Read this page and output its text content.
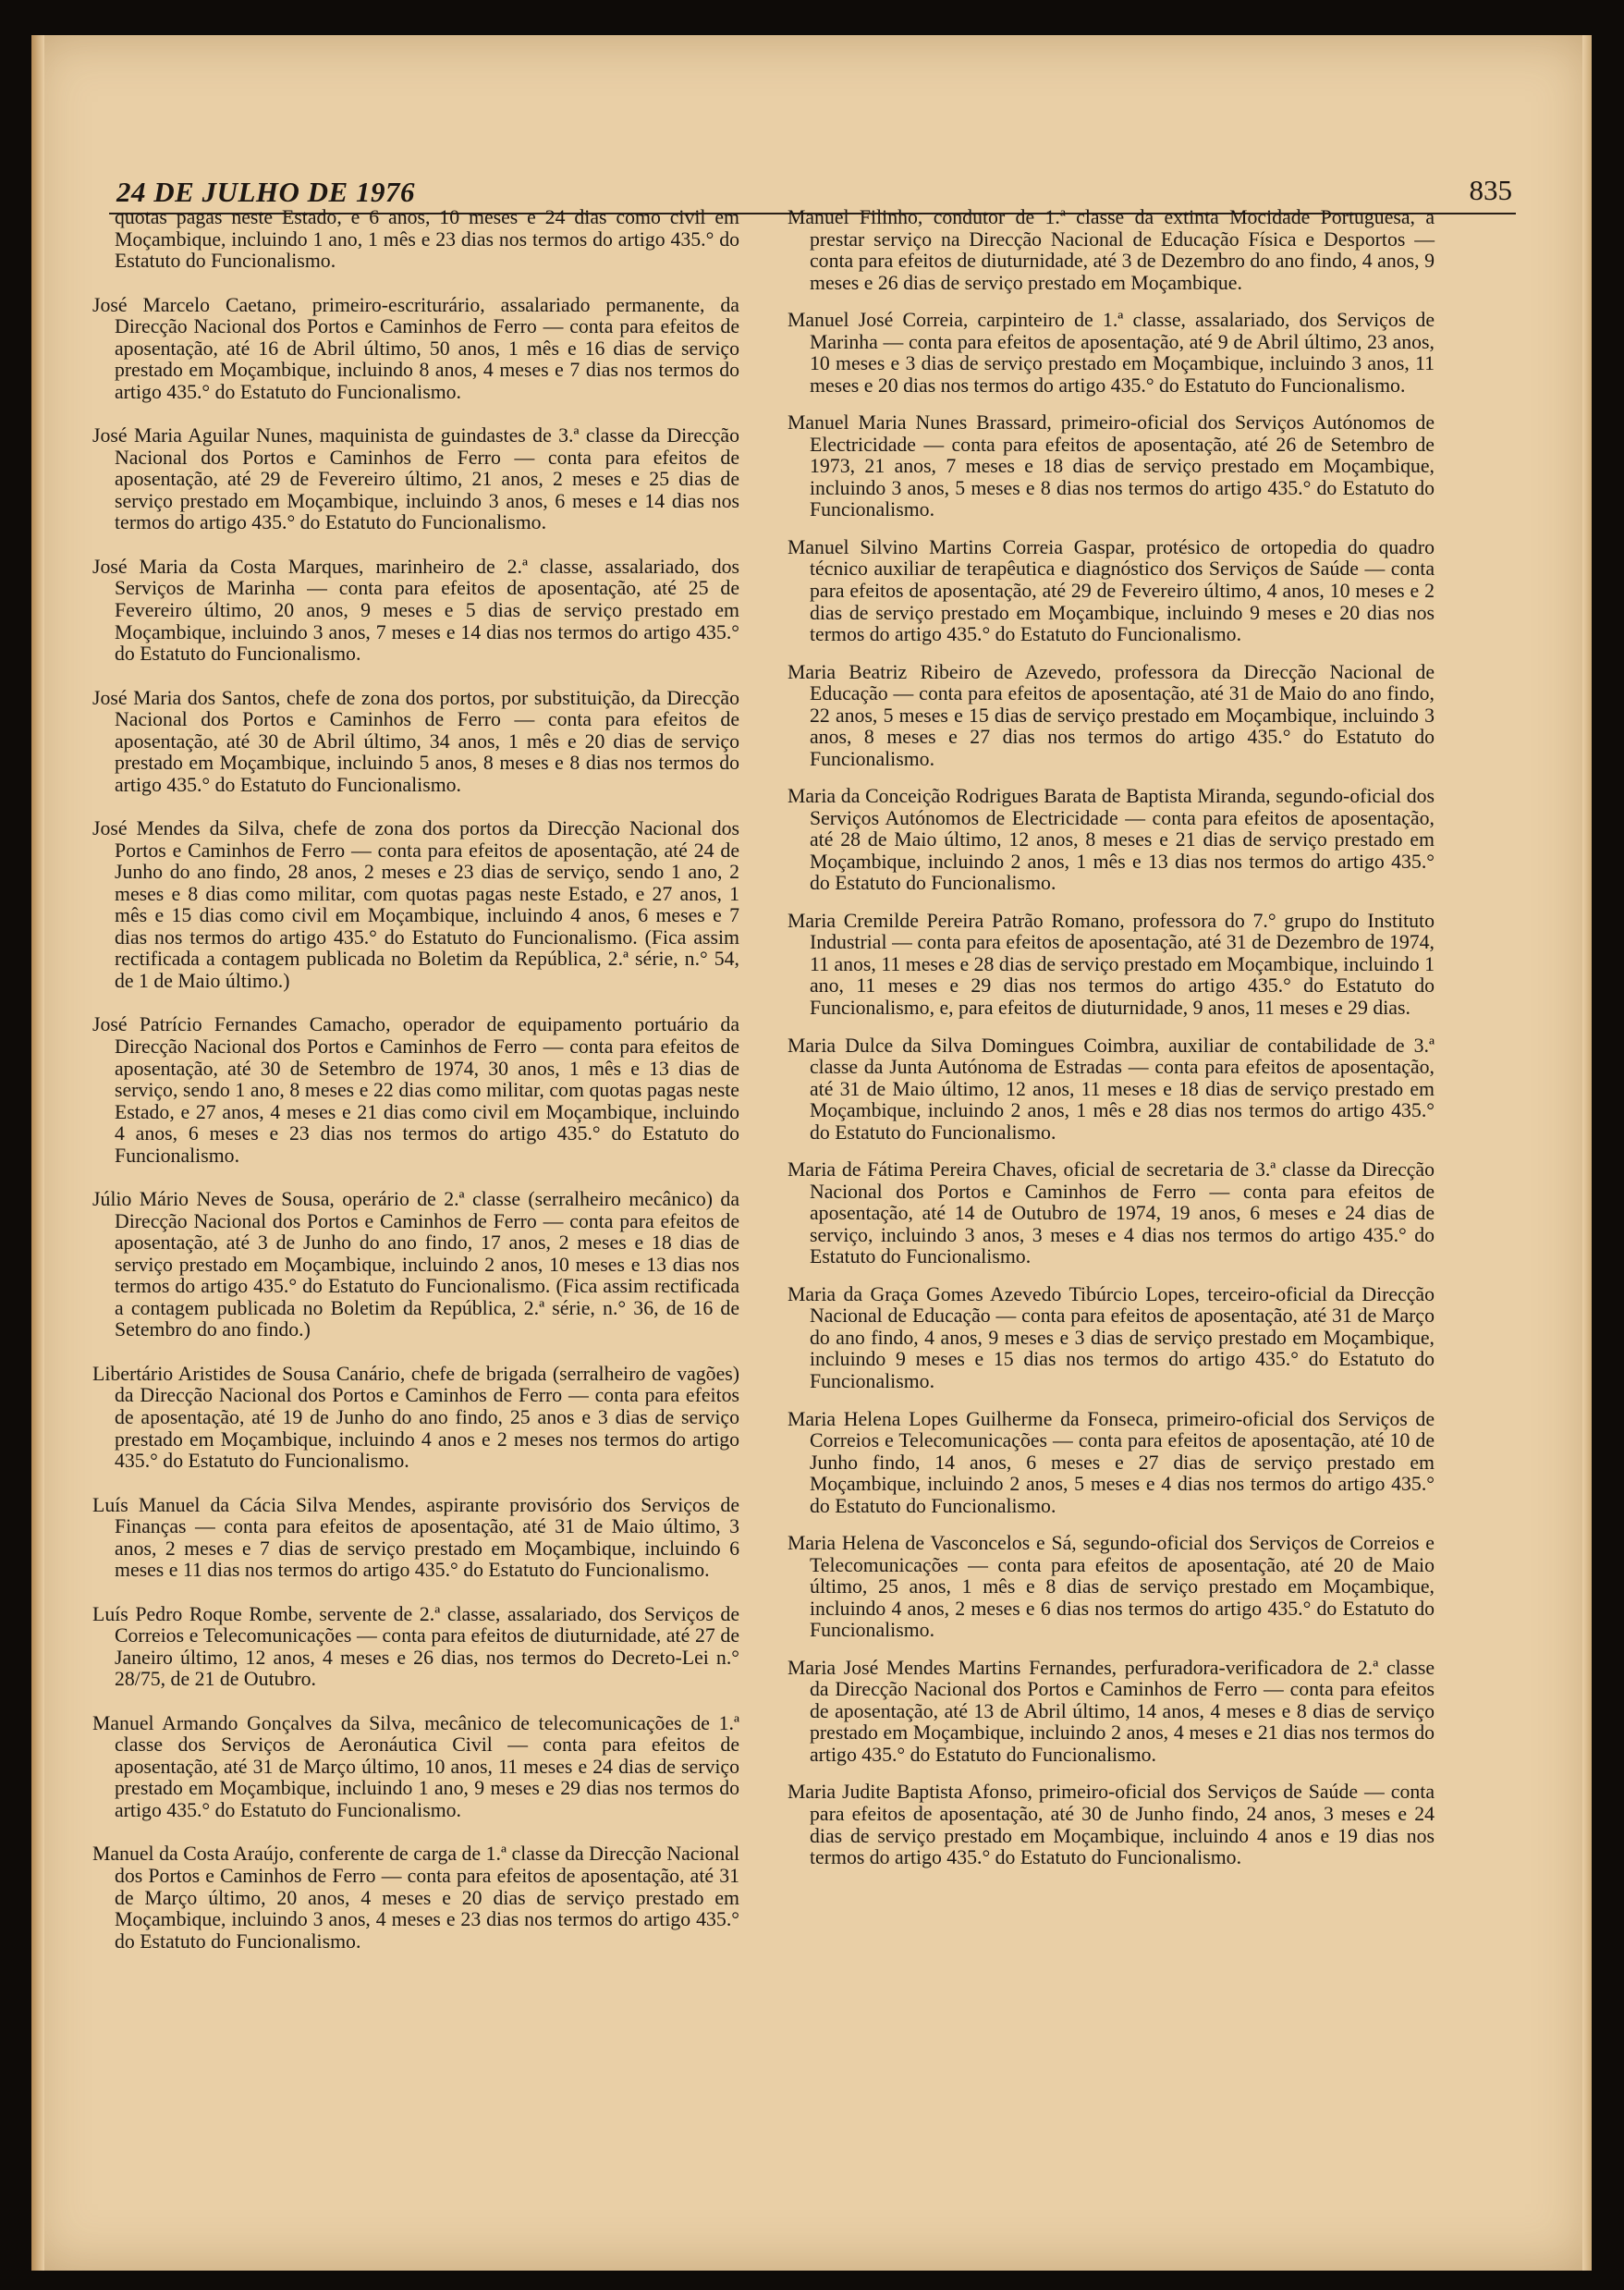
24 DE JULHO DE 1976	835

quotas pagas neste Estado, e 6 anos, 10 meses e 24 dias como civil em Moçambique, incluindo 1 ano, 1 mês e 23 dias nos termos do artigo 435.° do Estatuto do Funcionalismo.

José Marcelo Caetano, primeiro-escriturário, assalariado permanente, da Direcção Nacional dos Portos e Caminhos de Ferro — conta para efeitos de aposentação, até 16 de Abril último, 50 anos, 1 mês e 16 dias de serviço prestado em Moçambique, incluindo 8 anos, 4 meses e 7 dias nos termos do artigo 435.° do Estatuto do Funcionalismo.

José Maria Aguilar Nunes, maquinista de guindastes de 3.ª classe da Direcção Nacional dos Portos e Caminhos de Ferro — conta para efeitos de aposentação, até 29 de Fevereiro último, 21 anos, 2 meses e 25 dias de serviço prestado em Moçambique, incluindo 3 anos, 6 meses e 14 dias nos termos do artigo 435.° do Estatuto do Funcionalismo.

José Maria da Costa Marques, marinheiro de 2.ª classe, assalariado, dos Serviços de Marinha — conta para efeitos de aposentação, até 25 de Fevereiro último, 20 anos, 9 meses e 5 dias de serviço prestado em Moçambique, incluindo 3 anos, 7 meses e 14 dias nos termos do artigo 435.° do Estatuto do Funcionalismo.

José Maria dos Santos, chefe de zona dos portos, por substituição, da Direcção Nacional dos Portos e Caminhos de Ferro — conta para efeitos de aposentação, até 30 de Abril último, 34 anos, 1 mês e 20 dias de serviço prestado em Moçambique, incluindo 5 anos, 8 meses e 8 dias nos termos do artigo 435.° do Estatuto do Funcionalismo.

José Mendes da Silva, chefe de zona dos portos da Direcção Nacional dos Portos e Caminhos de Ferro — conta para efeitos de aposentação, até 24 de Junho do ano findo, 28 anos, 2 meses e 23 dias de serviço, sendo 1 ano, 2 meses e 8 dias como militar, com quotas pagas neste Estado, e 27 anos, 1 mês e 15 dias como civil em Moçambique, incluindo 4 anos, 6 meses e 7 dias nos termos do artigo 435.° do Estatuto do Funcionalismo. (Fica assim rectificada a contagem publicada no Boletim da República, 2.ª série, n.° 54, de 1 de Maio último.)

José Patrício Fernandes Camacho, operador de equipamento portuário da Direcção Nacional dos Portos e Caminhos de Ferro — conta para efeitos de aposentação, até 30 de Setembro de 1974, 30 anos, 1 mês e 13 dias de serviço, sendo 1 ano, 8 meses e 22 dias como militar, com quotas pagas neste Estado, e 27 anos, 4 meses e 21 dias como civil em Moçambique, incluindo 4 anos, 6 meses e 23 dias nos termos do artigo 435.° do Estatuto do Funcionalismo.

Júlio Mário Neves de Sousa, operário de 2.ª classe (serralheiro mecânico) da Direcção Nacional dos Portos e Caminhos de Ferro — conta para efeitos de aposentação, até 3 de Junho do ano findo, 17 anos, 2 meses e 18 dias de serviço prestado em Moçambique, incluindo 2 anos, 10 meses e 13 dias nos termos do artigo 435.° do Estatuto do Funcionalismo. (Fica assim rectificada a contagem publicada no Boletim da República, 2.ª série, n.° 36, de 16 de Setembro do ano findo.)

Libertário Aristides de Sousa Canário, chefe de brigada (serralheiro de vagões) da Direcção Nacional dos Portos e Caminhos de Ferro — conta para efeitos de aposentação, até 19 de Junho do ano findo, 25 anos e 3 dias de serviço prestado em Moçambique, incluindo 4 anos e 2 meses nos termos do artigo 435.° do Estatuto do Funcionalismo.

Luís Manuel da Cácia Silva Mendes, aspirante provisório dos Serviços de Finanças — conta para efeitos de aposentação, até 31 de Maio último, 3 anos, 2 meses e 7 dias de serviço prestado em Moçambique, incluindo 6 meses e 11 dias nos termos do artigo 435.° do Estatuto do Funcionalismo.

Luís Pedro Roque Rombe, servente de 2.ª classe, assalariado, dos Serviços de Correios e Telecomunicações — conta para efeitos de diuturnidade, até 27 de Janeiro último, 12 anos, 4 meses e 26 dias, nos termos do Decreto-Lei n.° 28/75, de 21 de Outubro.

Manuel Armando Gonçalves da Silva, mecânico de telecomunicações de 1.ª classe dos Serviços de Aeronáutica Civil — conta para efeitos de aposentação, até 31 de Março último, 10 anos, 11 meses e 24 dias de serviço prestado em Moçambique, incluindo 1 ano, 9 meses e 29 dias nos termos do artigo 435.° do Estatuto do Funcionalismo.

Manuel da Costa Araújo, conferente de carga de 1.ª classe da Direcção Nacional dos Portos e Caminhos de Ferro — conta para efeitos de aposentação, até 31 de Março último, 20 anos, 4 meses e 20 dias de serviço prestado em Moçambique, incluindo 3 anos, 4 meses e 23 dias nos termos do artigo 435.° do Estatuto do Funcionalismo.

Manuel Filinho, condutor de 1.ª classe da extinta Mocidade Portuguesa, a prestar serviço na Direcção Nacional de Educação Física e Desportos — conta para efeitos de diuturnidade, até 3 de Dezembro do ano findo, 4 anos, 9 meses e 26 dias de serviço prestado em Moçambique.

Manuel José Correia, carpinteiro de 1.ª classe, assalariado, dos Serviços de Marinha — conta para efeitos de aposentação, até 9 de Abril último, 23 anos, 10 meses e 3 dias de serviço prestado em Moçambique, incluindo 3 anos, 11 meses e 20 dias nos termos do artigo 435.° do Estatuto do Funcionalismo.

Manuel Maria Nunes Brassard, primeiro-oficial dos Serviços Autónomos de Electricidade — conta para efeitos de aposentação, até 26 de Setembro de 1973, 21 anos, 7 meses e 18 dias de serviço prestado em Moçambique, incluindo 3 anos, 5 meses e 8 dias nos termos do artigo 435.° do Estatuto do Funcionalismo.

Manuel Silvino Martins Correia Gaspar, protésico de ortopedia do quadro técnico auxiliar de terapêutica e diagnóstico dos Serviços de Saúde — conta para efeitos de aposentação, até 29 de Fevereiro último, 4 anos, 10 meses e 2 dias de serviço prestado em Moçambique, incluindo 9 meses e 20 dias nos termos do artigo 435.° do Estatuto do Funcionalismo.

Maria Beatriz Ribeiro de Azevedo, professora da Direcção Nacional de Educação — conta para efeitos de aposentação, até 31 de Maio do ano findo, 22 anos, 5 meses e 15 dias de serviço prestado em Moçambique, incluindo 3 anos, 8 meses e 27 dias nos termos do artigo 435.° do Estatuto do Funcionalismo.

Maria da Conceição Rodrigues Barata de Baptista Miranda, segundo-oficial dos Serviços Autónomos de Electricidade — conta para efeitos de aposentação, até 28 de Maio último, 12 anos, 8 meses e 21 dias de serviço prestado em Moçambique, incluindo 2 anos, 1 mês e 13 dias nos termos do artigo 435.° do Estatuto do Funcionalismo.

Maria Cremilde Pereira Patrão Romano, professora do 7.° grupo do Instituto Industrial — conta para efeitos de aposentação, até 31 de Dezembro de 1974, 11 anos, 11 meses e 28 dias de serviço prestado em Moçambique, incluindo 1 ano, 11 meses e 29 dias nos termos do artigo 435.° do Estatuto do Funcionalismo, e, para efeitos de diuturnidade, 9 anos, 11 meses e 29 dias.

Maria Dulce da Silva Domingues Coimbra, auxiliar de contabilidade de 3.ª classe da Junta Autónoma de Estradas — conta para efeitos de aposentação, até 31 de Maio último, 12 anos, 11 meses e 18 dias de serviço prestado em Moçambique, incluindo 2 anos, 1 mês e 28 dias nos termos do artigo 435.° do Estatuto do Funcionalismo.

Maria de Fátima Pereira Chaves, oficial de secretaria de 3.ª classe da Direcção Nacional dos Portos e Caminhos de Ferro — conta para efeitos de aposentação, até 14 de Outubro de 1974, 19 anos, 6 meses e 24 dias de serviço, incluindo 3 anos, 3 meses e 4 dias nos termos do artigo 435.° do Estatuto do Funcionalismo.

Maria da Graça Gomes Azevedo Tibúrcio Lopes, terceiro-oficial da Direcção Nacional de Educação — conta para efeitos de aposentação, até 31 de Março do ano findo, 4 anos, 9 meses e 3 dias de serviço prestado em Moçambique, incluindo 9 meses e 15 dias nos termos do artigo 435.° do Estatuto do Funcionalismo.

Maria Helena Lopes Guilherme da Fonseca, primeiro-oficial dos Serviços de Correios e Telecomunicações — conta para efeitos de aposentação, até 10 de Junho findo, 14 anos, 6 meses e 27 dias de serviço prestado em Moçambique, incluindo 2 anos, 5 meses e 4 dias nos termos do artigo 435.° do Estatuto do Funcionalismo.

Maria Helena de Vasconcelos e Sá, segundo-oficial dos Serviços de Correios e Telecomunicações — conta para efeitos de aposentação, até 20 de Maio último, 25 anos, 1 mês e 8 dias de serviço prestado em Moçambique, incluindo 4 anos, 2 meses e 6 dias nos termos do artigo 435.° do Estatuto do Funcionalismo.

Maria José Mendes Martins Fernandes, perfuradora-verificadora de 2.ª classe da Direcção Nacional dos Portos e Caminhos de Ferro — conta para efeitos de aposentação, até 13 de Abril último, 14 anos, 4 meses e 8 dias de serviço prestado em Moçambique, incluindo 2 anos, 4 meses e 21 dias nos termos do artigo 435.° do Estatuto do Funcionalismo.

Maria Judite Baptista Afonso, primeiro-oficial dos Serviços de Saúde — conta para efeitos de aposentação, até 30 de Junho findo, 24 anos, 3 meses e 24 dias de serviço prestado em Moçambique, incluindo 4 anos e 19 dias nos termos do artigo 435.° do Estatuto do Funcionalismo.
